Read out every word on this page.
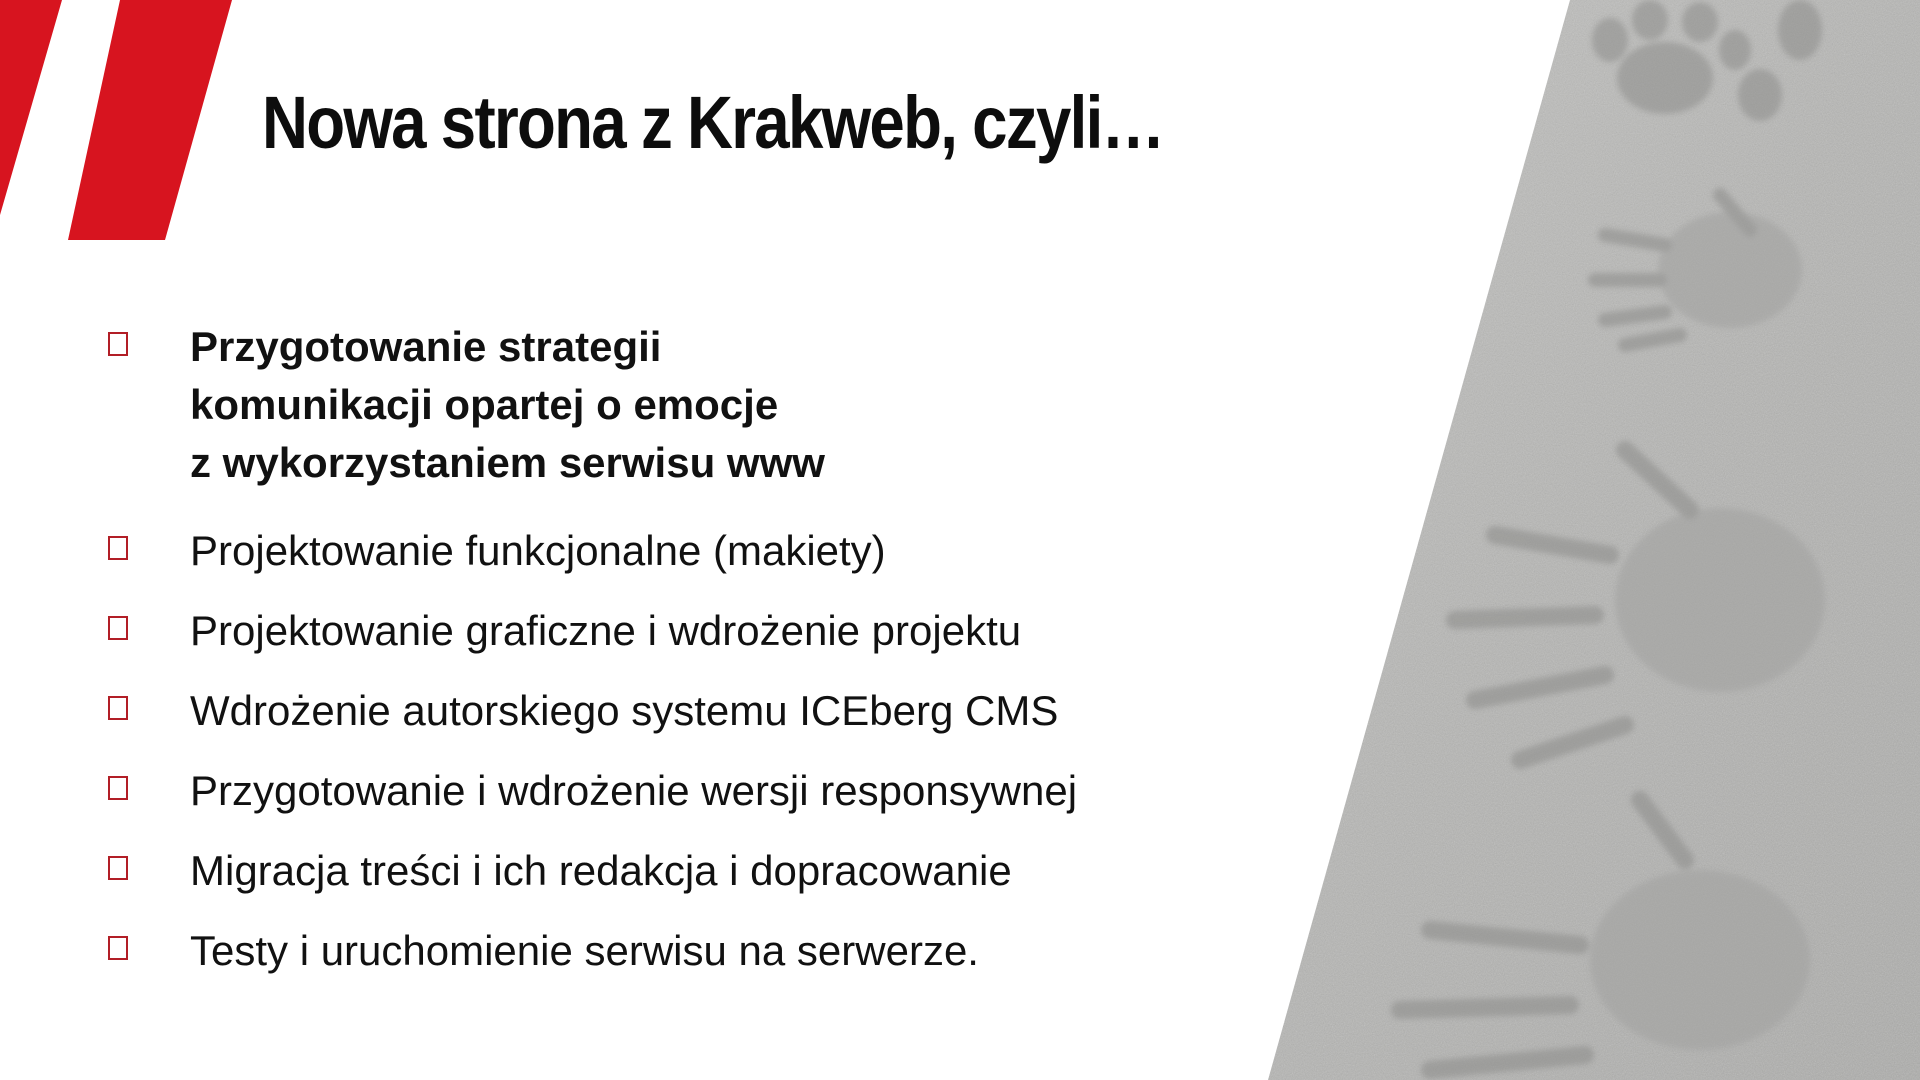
Nowa strona z Krakweb, czyli…
Przygotowanie strategii
komunikacji opartej o emocje
z wykorzystaniem serwisu www
Projektowanie funkcjonalne (makiety)
Projektowanie graficzne i wdrożenie projektu
Wdrożenie autorskiego systemu ICEberg CMS
Przygotowanie i wdrożenie wersji responsywnej
Migracja treści i ich redakcja i dopracowanie
Testy i uruchomienie serwisu na serwerze.
